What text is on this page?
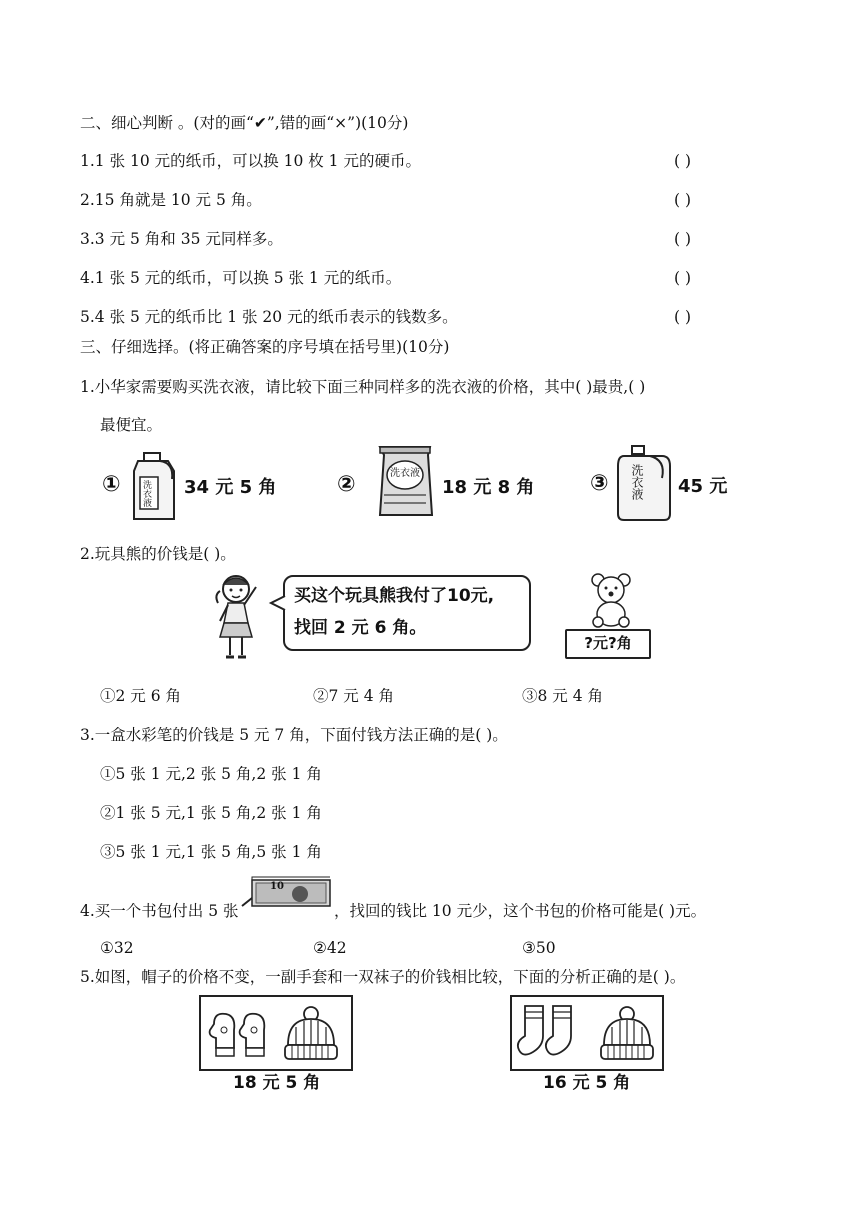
二、细心判断 。(对的画“✔”,错的画“×”)(10分)
1.1 张 10 元的纸币，可以换 10 枚 1 元的硬币。	( )
2.15 角就是 10 元 5 角。	( )
3.3 元 5 角和 35 元同样多。	( )
4.1 张 5 元的纸币，可以换 5 张 1 元的纸币。	( )
5.4 张 5 元的纸币比 1 张 20 元的纸币表示的钱数多。	( )
三、仔细选择。(将正确答案的序号填在括号里)(10分)
1.小华家需要购买洗衣液，请比较下面三种同样多的洗衣液的价格，其中( )最贵,( )
最便宜。
① 洗衣液 34 元 5 角	②	洗衣液
18 元 8 角	③ 洗衣液 45 元
2.玩具熊的价钱是( )。
买这个玩具熊我付了10元,
找回 2 元 6 角。
?元?角
①2 元 6 角	②7 元 4 角	③8 元 4 角
3.一盒水彩笔的价钱是 5 元 7 角，下面付钱方法正确的是( )。
①5 张 1 元,2 张 5 角,2 张 1 角
②1 张 5 元,1 张 5 角,2 张 1 角
③5 张 1 元,1 张 5 角,5 张 1 角
4.买一个书包付出 5 张
10
，找回的钱比 10 元少，这个书包的价格可能是( )元。
①32	②42	③50
5.如图，帽子的价格不变，一副手套和一双袜子的价钱相比较，下面的分析正确的是( )。
18 元 5 角	16 元 5 角
